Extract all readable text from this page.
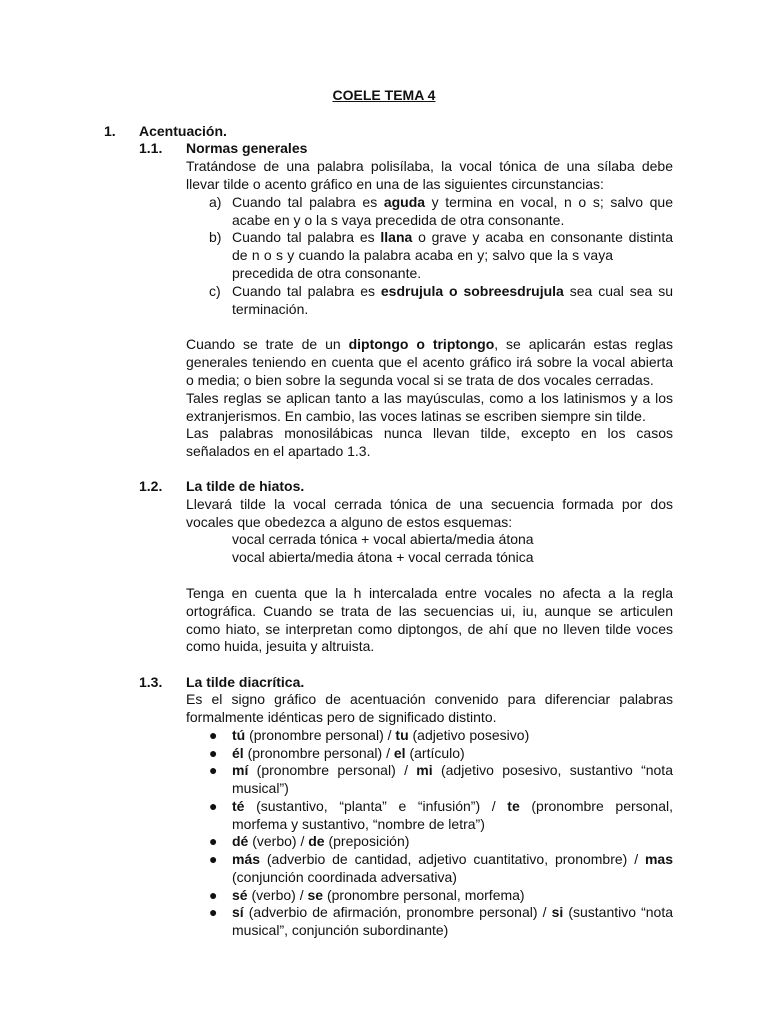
COELE TEMA 4
1. Acentuación.
1.1. Normas generales
Tratándose de una palabra polisílaba, la vocal tónica de una sílaba debe
llevar tilde o acento gráfico en una de las siguientes circunstancias:
a) Cuando tal palabra es aguda y termina en vocal, n o s; salvo que
acabe en y o la s vaya precedida de otra consonante.
b) Cuando tal palabra es llana o grave y acaba en consonante distinta
de n o s y cuando la palabra acaba en y; salvo que la s vaya
precedida de otra consonante.
c) Cuando tal palabra es esdrujula o sobreesdrujula sea cual sea su
terminación.
Cuando se trate de un diptongo o triptongo, se aplicarán estas reglas
generales teniendo en cuenta que el acento gráfico irá sobre la vocal abierta
o media; o bien sobre la segunda vocal si se trata de dos vocales cerradas.
Tales reglas se aplican tanto a las mayúsculas, como a los latinismos y a los
extranjerismos. En cambio, las voces latinas se escriben siempre sin tilde.
Las palabras monosilábicas nunca llevan tilde, excepto en los casos
señalados en el apartado 1.3.
1.2. La tilde de hiatos.
Llevará tilde la vocal cerrada tónica de una secuencia formada por dos
vocales que obedezca a alguno de estos esquemas:
vocal cerrada tónica + vocal abierta/media átona
vocal abierta/media átona + vocal cerrada tónica
Tenga en cuenta que la h intercalada entre vocales no afecta a la regla
ortográfica. Cuando se trata de las secuencias ui, iu, aunque se articulen
como hiato, se interpretan como diptongos, de ahí que no lleven tilde voces
como huida, jesuita y altruista.
1.3. La tilde diacrítica.
Es el signo gráfico de acentuación convenido para diferenciar palabras
formalmente idénticas pero de significado distinto.
● tú (pronombre personal) / tu (adjetivo posesivo)
● él (pronombre personal) / el (artículo)
● mí (pronombre personal) / mi (adjetivo posesivo, sustantivo “nota
musical”)
● té (sustantivo, “planta” e “infusión”) / te (pronombre personal,
morfema y sustantivo, “nombre de letra”)
● dé (verbo) / de (preposición)
● más (adverbio de cantidad, adjetivo cuantitativo, pronombre) / mas
(conjunción coordinada adversativa)
● sé (verbo) / se (pronombre personal, morfema)
● sí (adverbio de afirmación, pronombre personal) / si (sustantivo “nota
musical”, conjunción subordinante)
